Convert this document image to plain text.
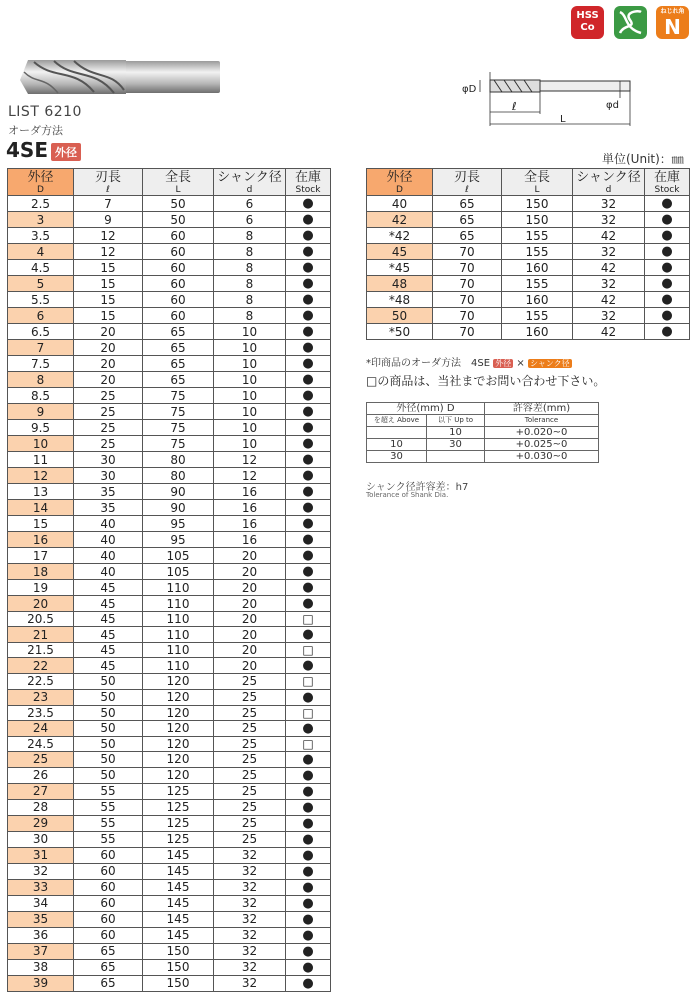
HSS
Co
ねじれ角
N
φD
ℓ
L
φd
LIST 6210
オーダ方法
4SE 外径	単位(Unit)：㎜
外径
D	刃長
ℓ	全長
L	シャンク径
d	在庫
Stock

2.5	7	50	6	●
3	9	50	6	●
3.5	12	60	8	●
4	12	60	8	●
4.5	15	60	8	●
5	15	60	8	●
5.5	15	60	8	●
6	15	60	8	●
6.5	20	65	10	●
7	20	65	10	●
7.5	20	65	10	●
8	20	65	10	●
8.5	25	75	10	●
9	25	75	10	●
9.5	25	75	10	●
10	25	75	10	●
11	30	80	12	●
12	30	80	12	●
13	35	90	16	●
14	35	90	16	●
15	40	95	16	●
16	40	95	16	●
17	40	105	20	●
18	40	105	20	●
19	45	110	20	●
20	45	110	20	●
20.5	45	110	20	□
21	45	110	20	●
21.5	45	110	20	□
22	45	110	20	●
22.5	50	120	25	□
23	50	120	25	●
23.5	50	120	25	□
24	50	120	25	●
24.5	50	120	25	□
25	50	120	25	●
26	50	120	25	●
27	55	125	25	●
28	55	125	25	●
29	55	125	25	●
30	55	125	25	●
31	60	145	32	●
32	60	145	32	●
33	60	145	32	●
34	60	145	32	●
35	60	145	32	●
36	60	145	32	●
37	65	150	32	●
38	65	150	32	●
39	65	150	32	●
外径
D	刃長
ℓ	全長
L	シャンク径
d	在庫
Stock

40	65	150	32	●
42	65	150	32	●
*42	65	155	42	●
45	70	155	32	●
*45	70	160	42	●
48	70	155	32	●
*48	70	160	42	●
50	70	155	32	●
*50	70	160	42	●
*印商品のオーダ方法　4SE 外径 × シャンク径
□の商品は、当社までお問い合わせ下さい。
外径(mm) D		許容差(mm)
を超え Above	以下 Up to	Tolerance
	10	+0.020~0
10	30	+0.025~0
30		+0.030~0
シャンク径許容差：h7
Tolerance of Shank Dia.
